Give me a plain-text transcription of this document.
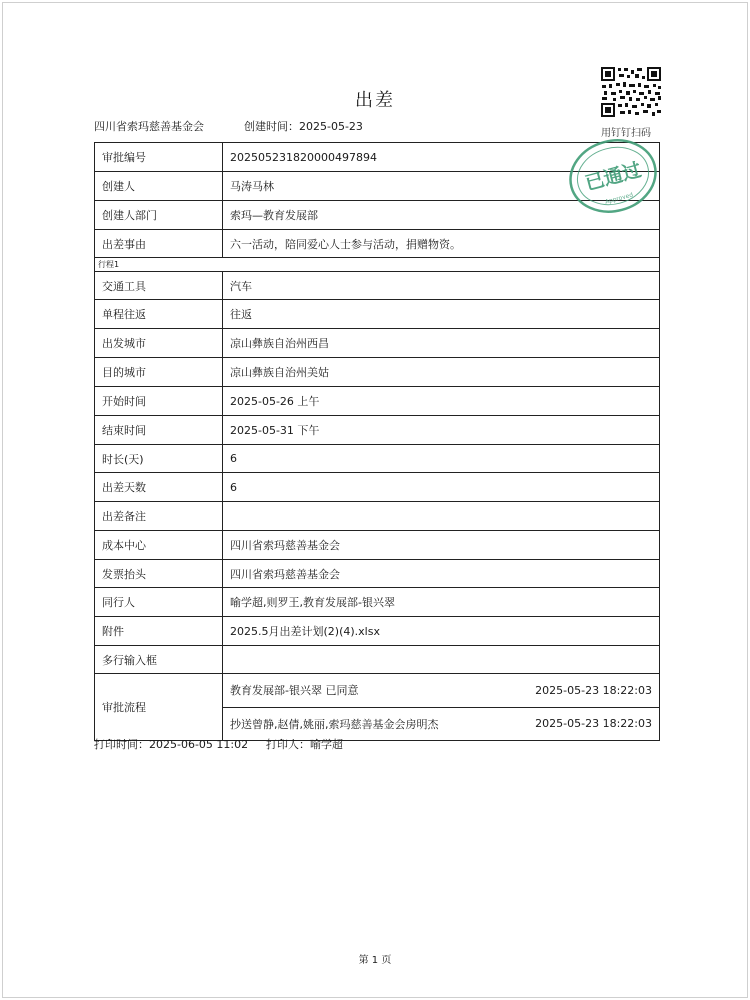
出差
用钉钉扫码
四川省索玛慈善基金会	创建时间：2025-05-23
审批编号	202505231820000497894
创建人	马涛马林
创建人部门	索玛—教育发展部
出差事由	六一活动，陪同爱心人士参与活动，捐赠物资。
行程1
交通工具	汽车
单程往返	往返
出发城市	凉山彝族自治州西昌
目的城市	凉山彝族自治州美姑
开始时间	2025-05-26 上午
结束时间	2025-05-31 下午
时长(天)	6
出差天数	6
出差备注
成本中心	四川省索玛慈善基金会
发票抬头	四川省索玛慈善基金会
同行人	喻学超,则罗王,教育发展部-银兴翠
附件	2025.5月出差计划(2)(4).xlsx
多行输入框
审批流程
教育发展部-银兴翠 已同意	2025-05-23 18:22:03
抄送曾静,赵倩,姚丽,索玛慈善基金会房明杰	2025-05-23 18:22:03
已通过
Approved
打印时间：2025-06-05 11:02 打印人：喻学超
第 1 页
